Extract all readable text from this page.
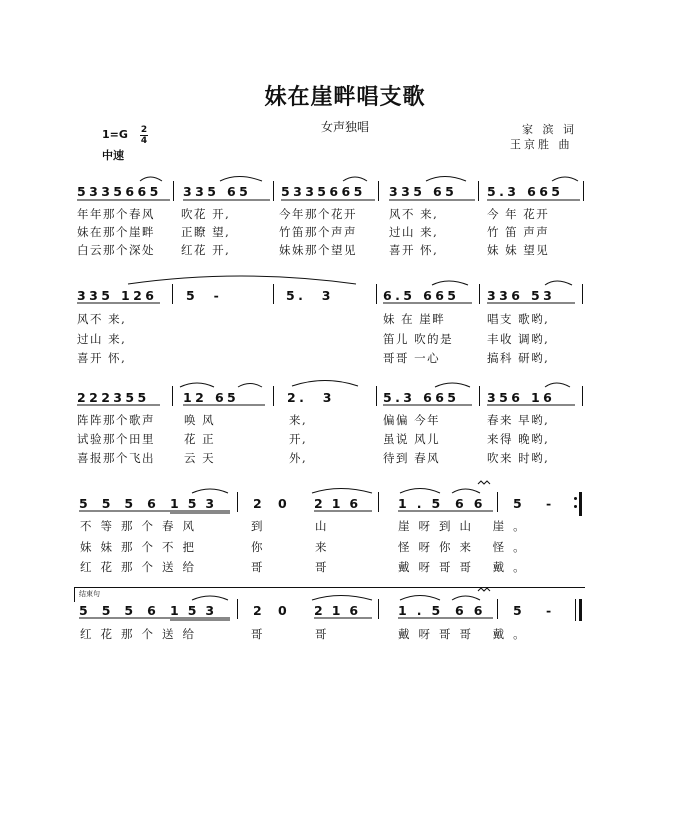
妹在崖畔唱支歌
女声独唱	家 滨 词
王京胜 曲
1=G 2
4
中速
5335665 335 65 5335665 335 65 5.3 665
年年那个春风 吹花 开,	今年那个花开	风不 来,	今 年 花开
妹在那个崖畔 正瞭 望,	竹笛那个声声	过山 来,	竹 笛 声声
白云那个深处 红花 开,	妹妹那个望见	喜开 怀,	妹 妹 望见
335 126 5  -	5.  3	6.5 665 336 53
风不 来,	妹 在 崖畔	唱支 歌哟,
过山 来,	笛儿 吹的是	丰收 调哟,
喜开 怀,	哥哥 一心	搞科 研哟,
222355	12 65	2.  3	5.3 665 356 16
阵阵那个歌声	唤 风	来,	偏偏 今年	春来 早哟,
试验那个田里	花 正	开,	虽说 风儿	来得 晚哟,
喜报那个飞出	云 天	外,	待到 春风	吹来 时哟,
5556 153 2 0 216 1.5 66 5 -
不等那个春风	到	山	崖呀到山 崖。
妹妹那个不把	你	来	怪呀你来 怪。
红花那个送给	哥	哥	戴呀哥哥 戴。
结束句
5556 153 2 0 216 1.5 66 5 -
红花那个送给	哥	哥	戴呀哥哥 戴。
